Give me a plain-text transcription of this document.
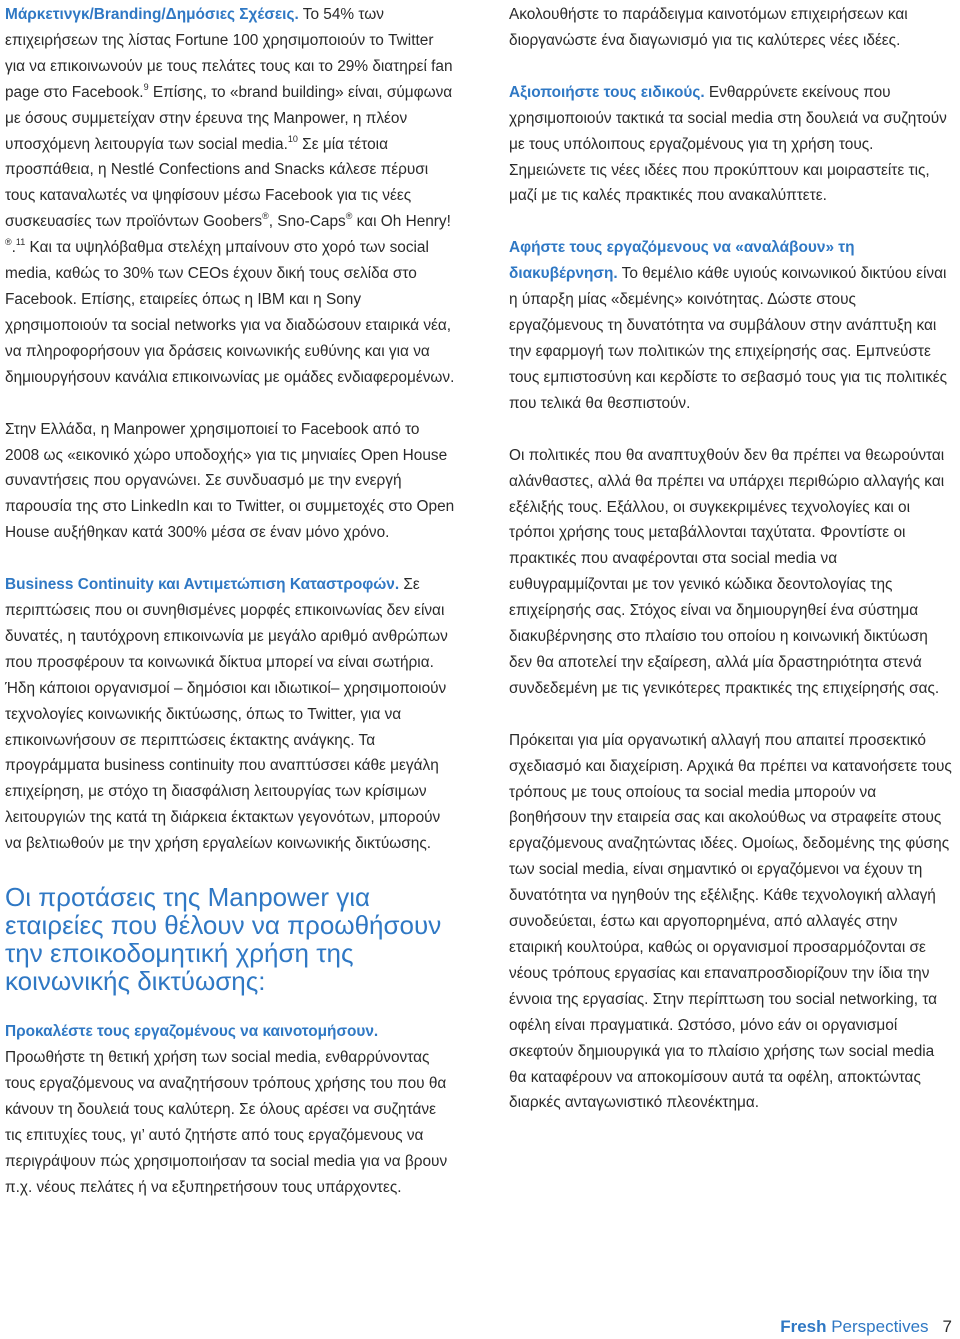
Μάρκετινγκ/Branding/Δημόσιες Σχέσεις. Το 54% των επιχειρήσεων της λίστας Fortune 100 χρησιμοποιούν το Twitter για να επικοινωνούν με τους πελάτες τους και το 29% διατηρεί fan page στο Facebook.$^9$ Επίσης, το «brand building» είναι, σύμφωνα με όσους συμμετείχαν στην έρευνα της Manpower, η πλέον υποσχόμενη λειτουργία των social media.$^{10}$ Σε μία τέτοια προσπάθεια, η Nestlé Confections and Snacks κάλεσε πέρυσι τους καταναλωτές να ψηφίσουν μέσω Facebook για τις νέες συσκευασίες των προϊόντων Goobers®, Sno-Caps® και Oh Henry!®.$^{11}$ Και τα υψηλόβαθμα στελέχη μπαίνουν στο χορό των social media, καθώς το 30% των CEOs έχουν δική τους σελίδα στο Facebook. Επίσης, εταιρείες όπως η IBM και η Sony χρησιμοποιούν τα social networks για να διαδώσουν εταιρικά νέα, να πληροφορήσουν για δράσεις κοινωνικής ευθύνης και για να δημιουργήσουν κανάλια επικοινωνίας με ομάδες ενδιαφερομένων.

Στην Ελλάδα, η Manpower χρησιμοποιεί το Facebook από το 2008 ως «εικονικό χώρο υποδοχής» για τις μηνιαίες Open House συναντήσεις που οργανώνει. Σε συνδυασμό με την ενεργή παρουσία της στο LinkedIn και το Twitter, οι συμμετοχές στο Open House αυξήθηκαν κατά 300% μέσα σε έναν μόνο χρόνο.

Business Continuity και Αντιμετώπιση Καταστροφών. Σε περιπτώσεις που οι συνηθισμένες μορφές επικοινωνίας δεν είναι δυνατές, η ταυτόχρονη επικοινωνία με μεγάλο αριθμό ανθρώπων που προσφέρουν τα κοινωνικά δίκτυα μπορεί να είναι σωτήρια. Ήδη κάποιοι οργανισμοί – δημόσιοι και ιδιωτικοί– χρησιμοποιούν τεχνολογίες κοινωνικής δικτύωσης, όπως το Twitter, για να επικοινωνήσουν σε περιπτώσεις έκτακτης ανάγκης. Τα προγράμματα business continuity που αναπτύσσει κάθε μεγάλη επιχείρηση, με στόχο τη διασφάλιση λειτουργίας των κρίσιμων λειτουργιών της κατά τη διάρκεια έκτακτων γεγονότων, μπορούν να βελτιωθούν με την χρήση εργαλείων κοινωνικής δικτύωσης.

Οι προτάσεις της Manpower για εταιρείες που θέλουν να προωθήσουν την εποικοδομητική χρήση της κοινωνικής δικτύωσης:

Προκαλέστε τους εργαζομένους να καινοτομήσουν.
Προωθήστε τη θετική χρήση των social media, ενθαρρύνοντας τους εργαζόμενους να αναζητήσουν τρόπους χρήσης του που θα κάνουν τη δουλειά τους καλύτερη. Σε όλους αρέσει να συζητάνε τις επιτυχίες τους, γι’ αυτό ζητήστε από τους εργαζόμενους να περιγράψουν πώς χρησιμοποιήσαν τα social media για να βρουν π.χ. νέους πελάτες ή να εξυπηρετήσουν τους υπάρχοντες.

Ακολουθήστε το παράδειγμα καινοτόμων επιχειρήσεων και διοργανώστε ένα διαγωνισμό για τις καλύτερες νέες ιδέες.

Αξιοποιήστε τους ειδικούς. Ενθαρρύνετε εκείνους που χρησιμοποιούν τακτικά τα social media στη δουλειά να συζητούν με τους υπόλοιπους εργαζομένους για τη χρήση τους. Σημειώνετε τις νέες ιδέες που προκύπτουν και μοιραστείτε τις, μαζί με τις καλές πρακτικές που ανακαλύπτετε.

Αφήστε τους εργαζόμενους να «αναλάβουν» τη διακυβέρνηση. Το θεμέλιο κάθε υγιούς κοινωνικού δικτύου είναι η ύπαρξη μίας «δεμένης» κοινότητας. Δώστε στους εργαζόμενους τη δυνατότητα να συμβάλουν στην ανάπτυξη και την εφαρμογή των πολιτικών της επιχείρησής σας. Εμπνεύστε τους εμπιστοσύνη και κερδίστε το σεβασμό τους για τις πολιτικές που τελικά θα θεσπιστούν.

Οι πολιτικές που θα αναπτυχθούν δεν θα πρέπει να θεωρούνται αλάνθαστες, αλλά θα πρέπει να υπάρχει περιθώριο αλλαγής και εξέλιξής τους. Εξάλλου, οι συγκεκριμένες τεχνολογίες και οι τρόποι χρήσης τους μεταβάλλονται ταχύτατα. Φροντίστε οι πρακτικές που αναφέρονται στα social media να ευθυγραμμίζονται με τον γενικό κώδικα δεοντολογίας της επιχείρησής σας. Στόχος είναι να δημιουργηθεί ένα σύστημα διακυβέρνησης στο πλαίσιο του οποίου η κοινωνική δικτύωση δεν θα αποτελεί την εξαίρεση, αλλά μία δραστηριότητα στενά συνδεδεμένη με τις γενικότερες πρακτικές της επιχείρησής σας.

Πρόκειται για μία οργανωτική αλλαγή που απαιτεί προσεκτικό σχεδιασμό και διαχείριση. Αρχικά θα πρέπει να κατανοήσετε τους τρόπους με τους οποίους τα social media μπορούν να βοηθήσουν την εταιρεία σας και ακολούθως να στραφείτε στους εργαζόμενους αναζητώντας ιδέες. Ομοίως, δεδομένης της φύσης των social media, είναι σημαντικό οι εργαζόμενοι να έχουν τη δυνατότητα να ηγηθούν της εξέλιξης. Κάθε τεχνολογική αλλαγή συνοδεύεται, έστω και αργοπορημένα, από αλλαγές στην εταιρική κουλτούρα, καθώς οι οργανισμοί προσαρμόζονται σε νέους τρόπους εργασίας και επαναπροσδιορίζουν την ίδια την έννοια της εργασίας. Στην περίπτωση του social networking, τα οφέλη είναι πραγματικά. Ωστόσο, μόνο εάν οι οργανισμοί σκεφτούν δημιουργικά για το πλαίσιο χρήσης των social media θα καταφέρουν να αποκομίσουν αυτά τα οφέλη, αποκτώντας διαρκές ανταγωνιστικό πλεονέκτημα.

Fresh Perspectives 7
